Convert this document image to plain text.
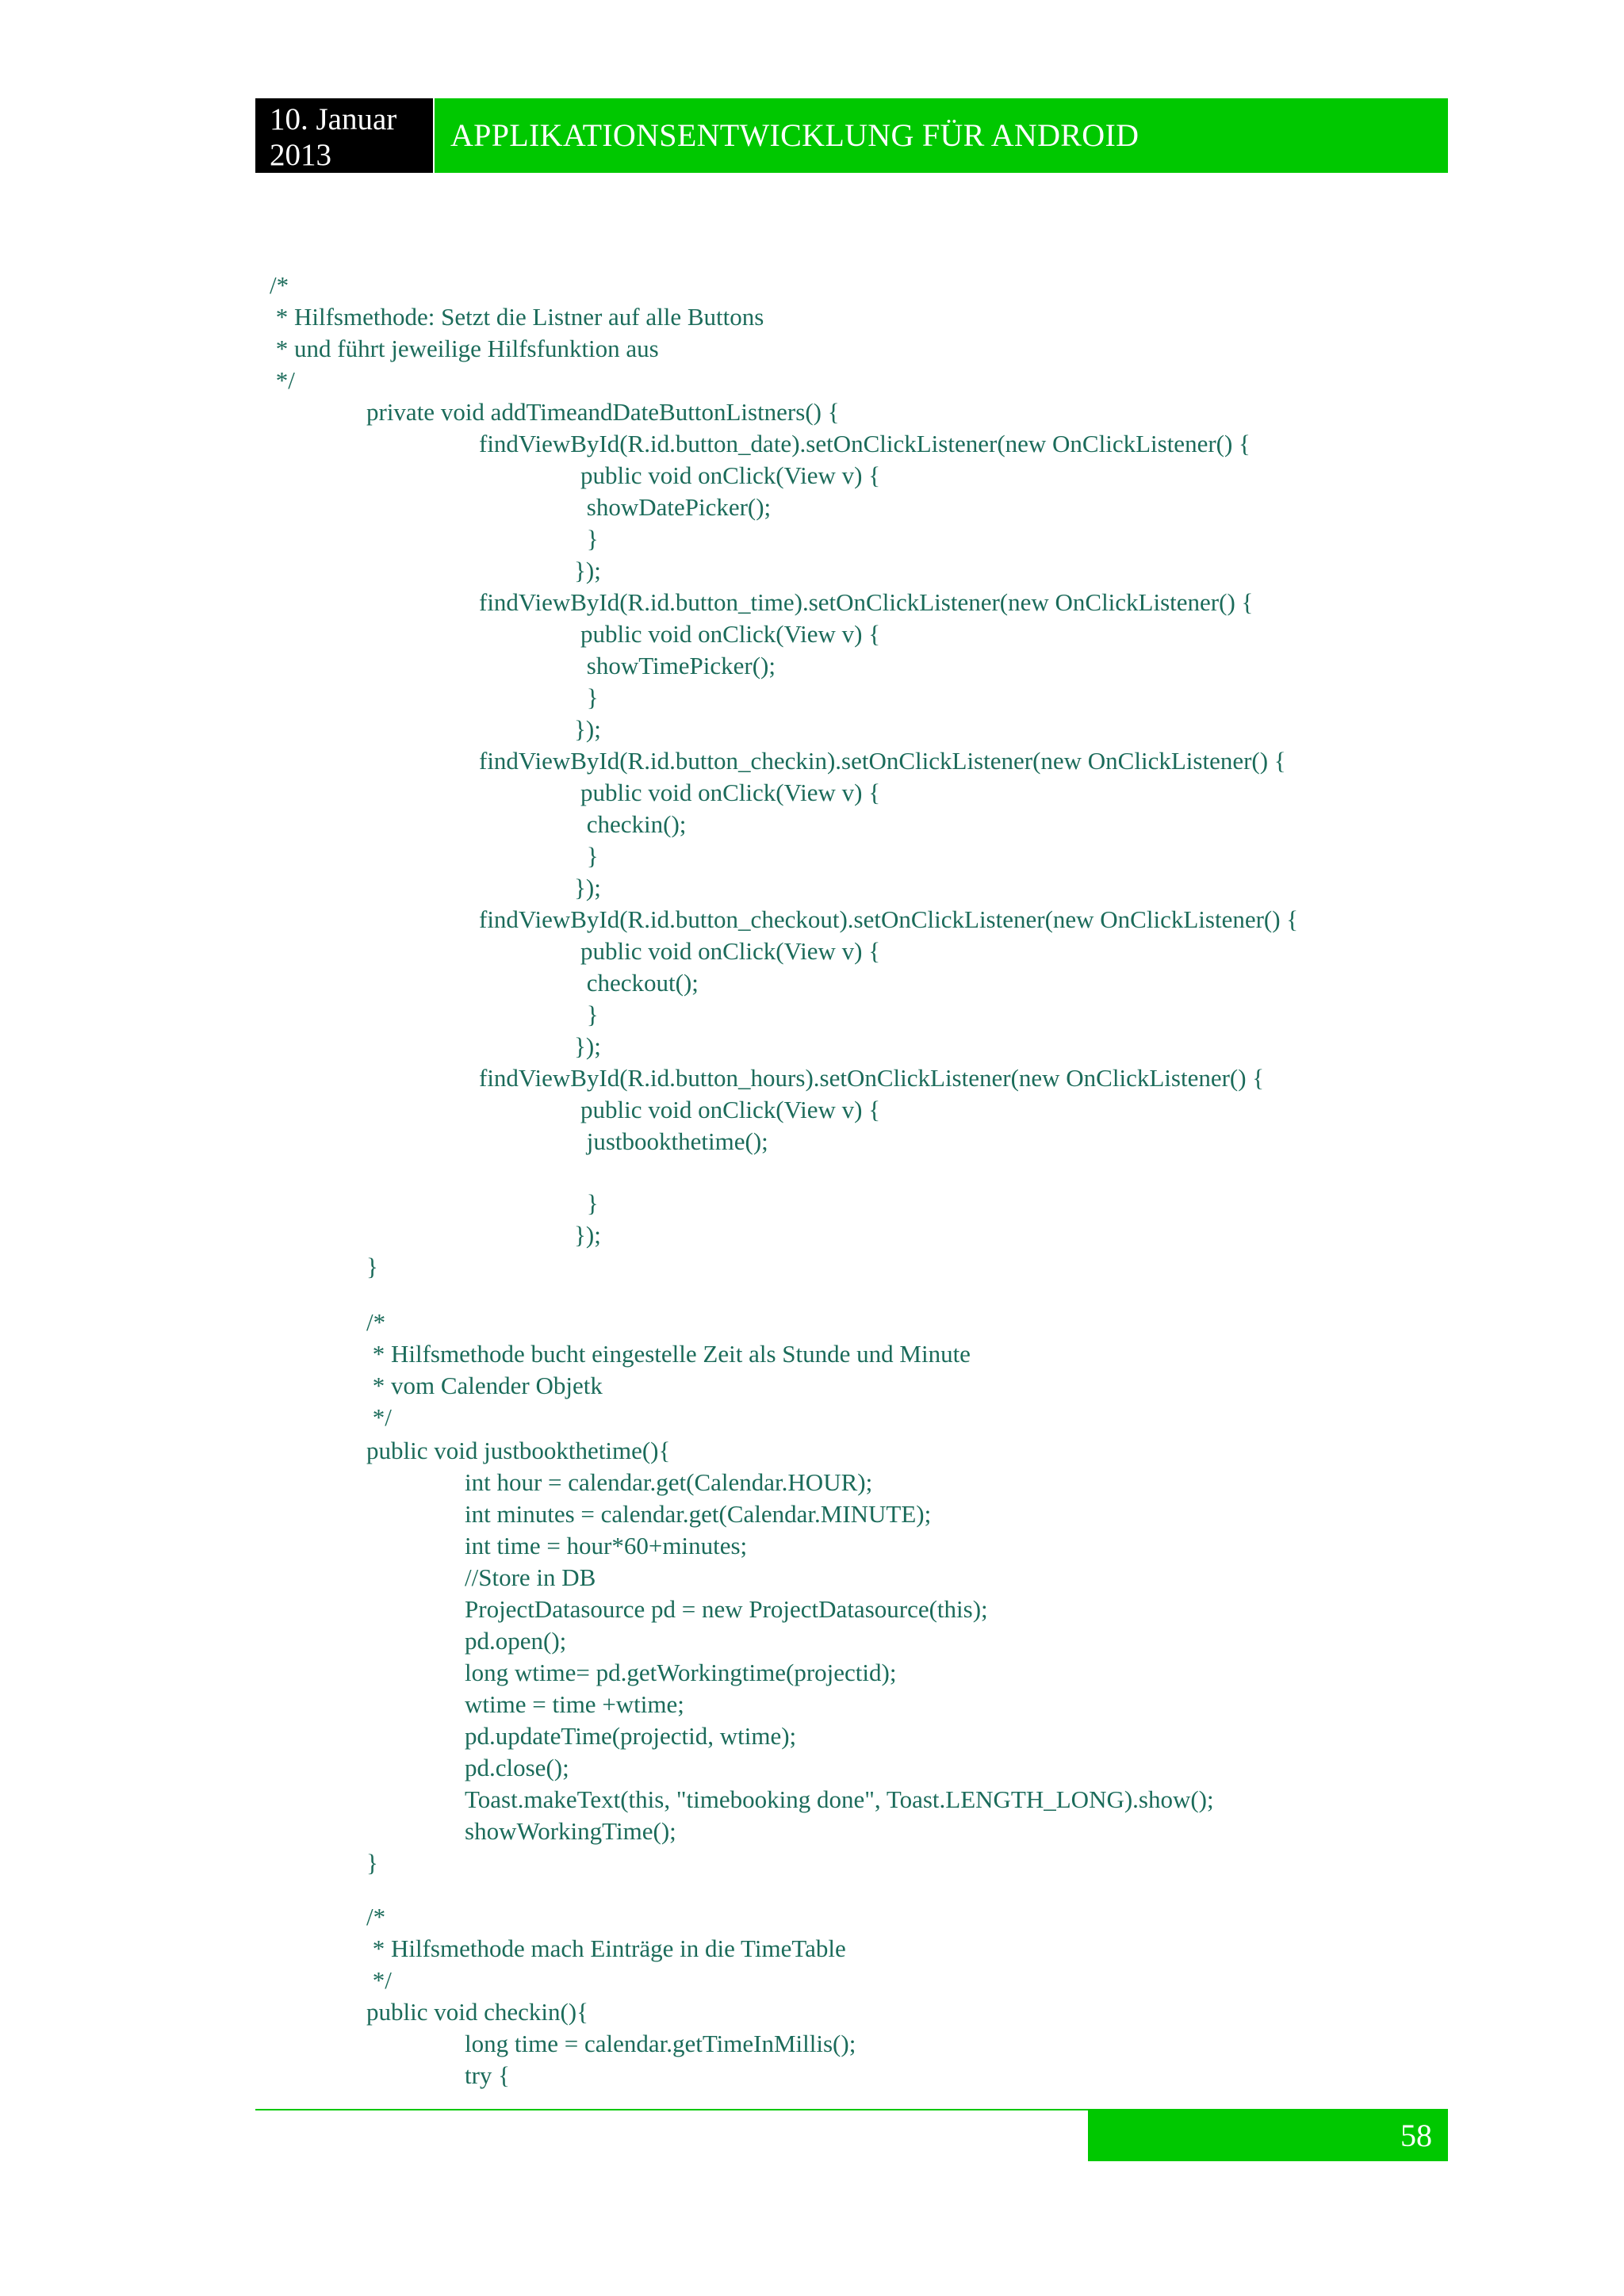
10. Januar
2013
APPLIKATIONSENTWICKLUNG FÜR ANDROID
/*
* Hilfsmethode: Setzt die Listner auf alle Buttons
* und führt jeweilige Hilfsfunktion aus
*/
private void addTimeandDateButtonListners() {
findViewById(R.id.button_date).setOnClickListener(new OnClickListener() {
public void onClick(View v) {
showDatePicker();
}
});
findViewById(R.id.button_time).setOnClickListener(new OnClickListener() {
public void onClick(View v) {
showTimePicker();
}
});
findViewById(R.id.button_checkin).setOnClickListener(new OnClickListener() {
public void onClick(View v) {
checkin();
}
});
findViewById(R.id.button_checkout).setOnClickListener(new OnClickListener() {
public void onClick(View v) {
checkout();
}
});
findViewById(R.id.button_hours).setOnClickListener(new OnClickListener() {
public void onClick(View v) {
justbookthetime();
}
});
}
/*
* Hilfsmethode bucht eingestelle Zeit als Stunde und Minute
* vom Calender Objetk
*/
public void justbookthetime(){
int hour = calendar.get(Calendar.HOUR);
int minutes = calendar.get(Calendar.MINUTE);
int time = hour*60+minutes;
//Store in DB
ProjectDatasource pd = new ProjectDatasource(this);
pd.open();
long wtime= pd.getWorkingtime(projectid);
wtime = time +wtime;
pd.updateTime(projectid, wtime);
pd.close();
Toast.makeText(this, "timebooking done", Toast.LENGTH_LONG).show();
showWorkingTime();
}
/*
* Hilfsmethode mach Einträge in die TimeTable
*/
public void checkin(){
long time = calendar.getTimeInMillis();
try {
58
